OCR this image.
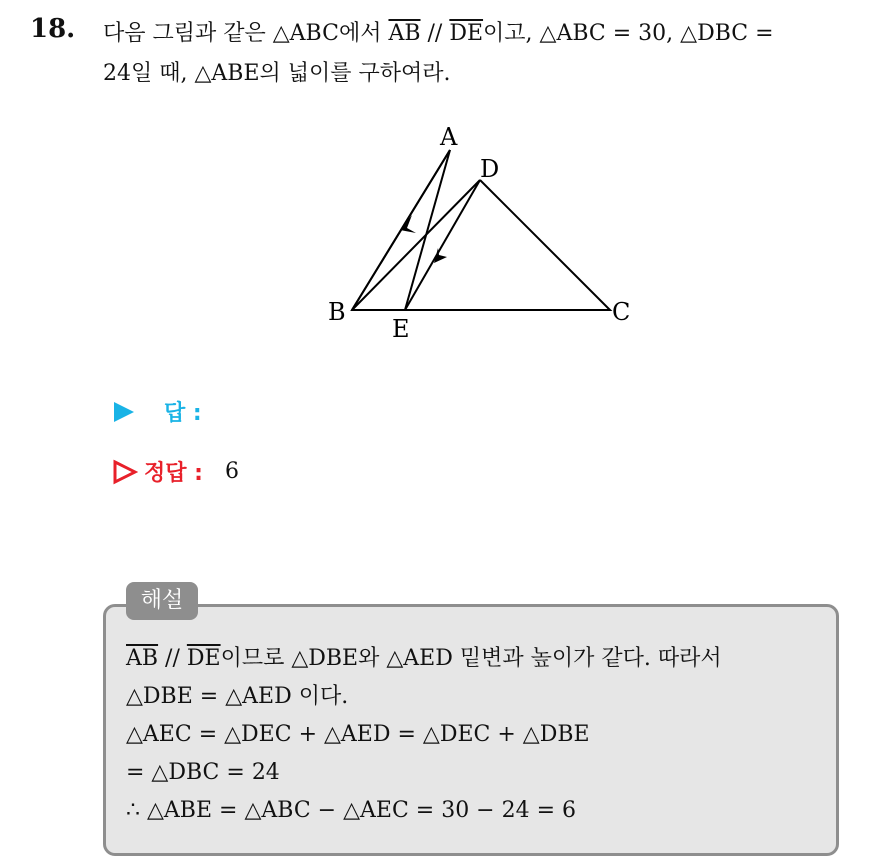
18. 다음 그림과 같은 △ABC에서 $\overline{AB} // \overline{DE}$이고, △ABC = 30, △DBC =
24일 때, △ABE의 넓이를 구하여라.
A
D
B
E
C
답 :
정답 : 6
해설
$\overline{AB} // \overline{DE}$이므로 △DBE와 △AED 밑변과 높이가 같다. 따라서
△DBE = △AED 이다.
△AEC = △DEC + △AED = △DEC + △DBE
= △DBC = 24
∴ △ABE = △ABC − △AEC = 30 − 24 = 6
